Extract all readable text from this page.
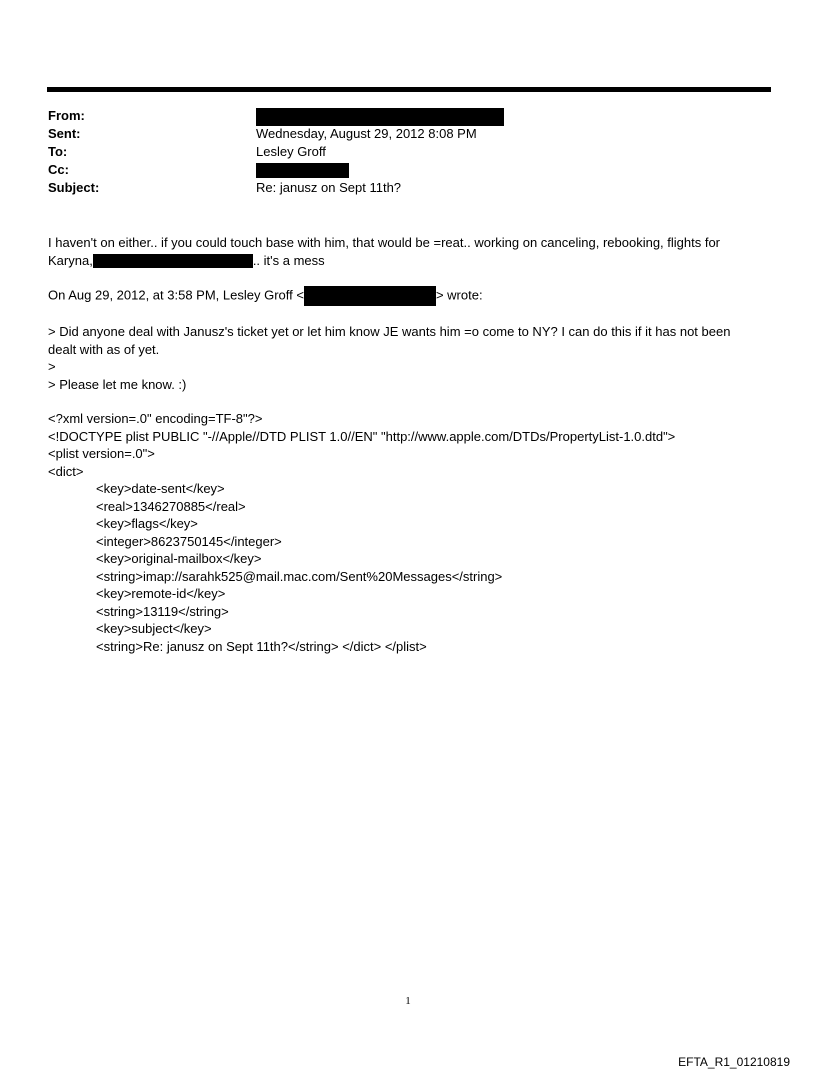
From:
Sent:	Wednesday, August 29, 2012 8:08 PM
To:	Lesley Groff
Cc:
Subject:	Re: janusz on Sept 11th?

I haven't on either.. if you could touch base with him, that would be =reat.. working on canceling, rebooking, flights for

Karyna,	.. it's a mess

On Aug 29, 2012, at 3:58 PM, Lesley Groff <	> wrote:

> Did anyone deal with Janusz's ticket yet or let him know JE wants him =o come to NY? I can do this if it has not been

dealt with as of yet.

>

> Please let me know. :)

<?xml version=.0" encoding=TF-8"?>

<!DOCTYPE plist PUBLIC "-//Apple//DTD PLIST 1.0//EN" "http://www.apple.com/DTDs/PropertyList-1.0.dtd">

<plist version=.0">

<dict>

<key>date-sent</key>

<real>1346270885</real>

<key>flags</key>

<integer>8623750145</integer>

<key>original-mailbox</key>

<string>imap://sarahk525@mail.mac.com/Sent%20Messages</string>

<key>remote-id</key>

<string>13119</string>

<key>subject</key>

<string>Re: janusz on Sept 11th?</string> </dict> </plist>

1
EFTA_R1_01210819
